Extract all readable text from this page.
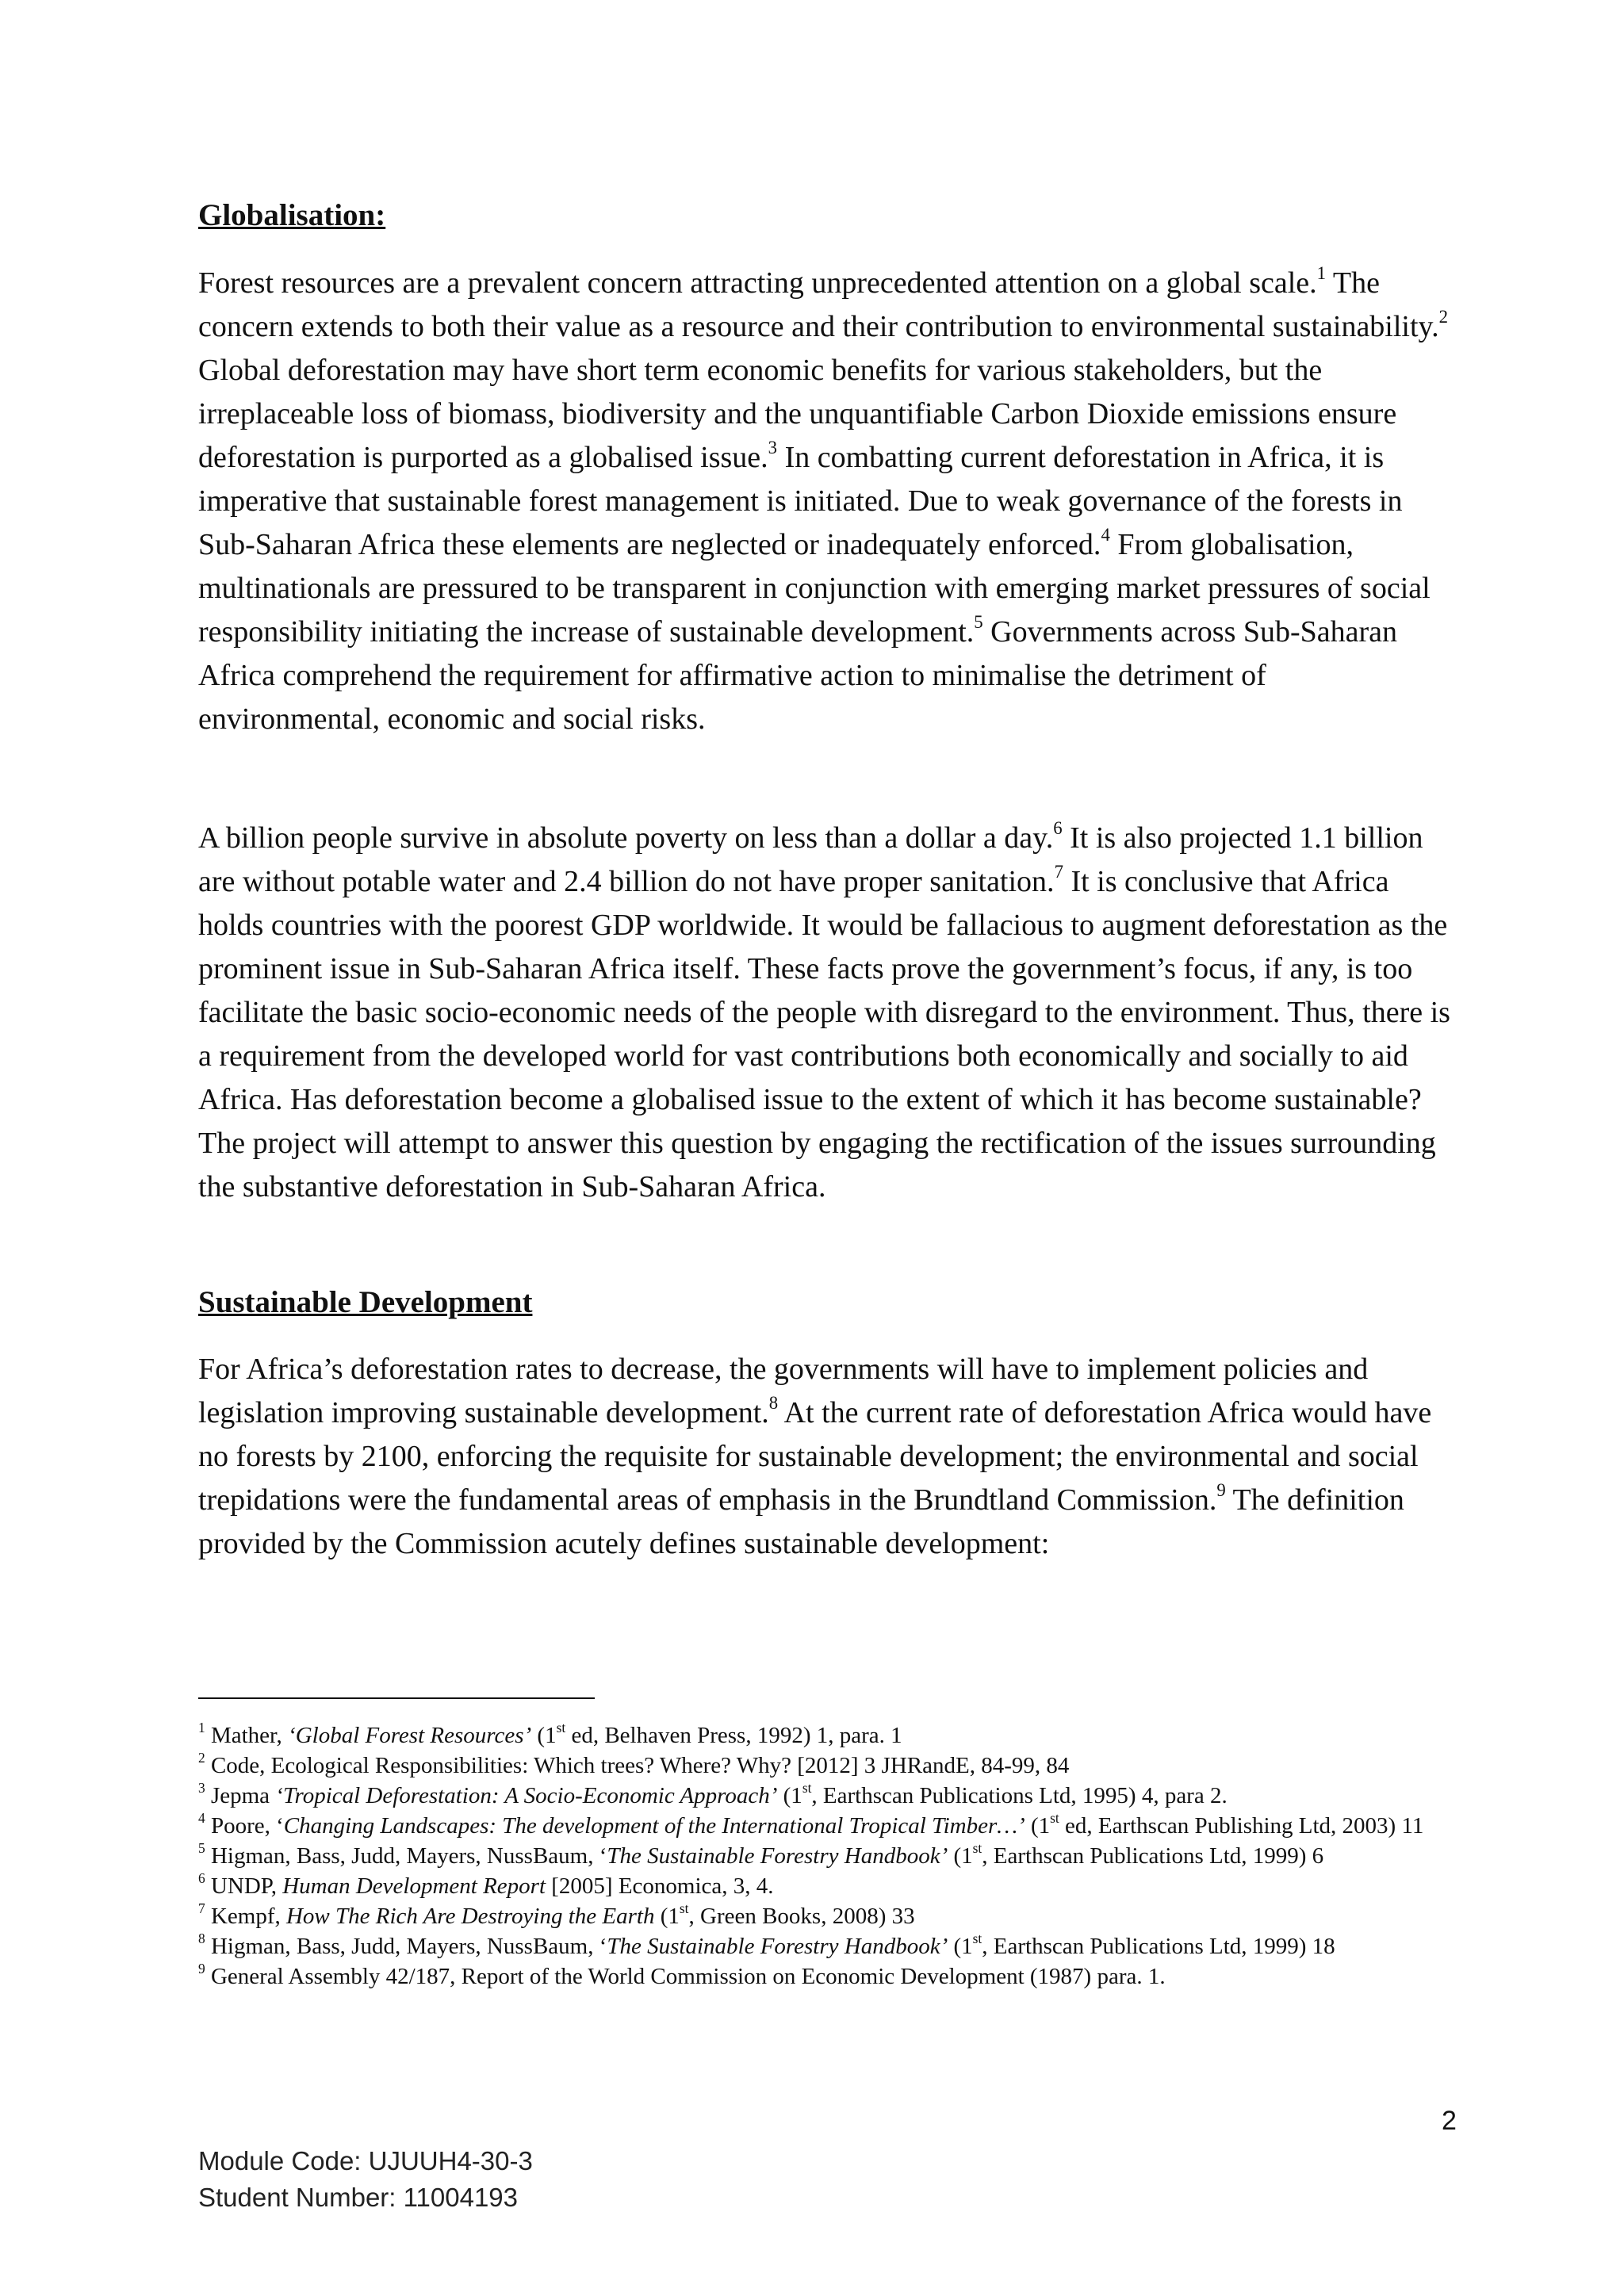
Globalisation:

Forest resources are a prevalent concern attracting unprecedented attention on a global scale.$^1$ The concern extends to both their value as a resource and their contribution to environmental sustainability.$^2$ Global deforestation may have short term economic benefits for various stakeholders, but the irreplaceable loss of biomass, biodiversity and the unquantifiable Carbon Dioxide emissions ensure deforestation is purported as a globalised issue.$^3$ In combatting current deforestation in Africa, it is imperative that sustainable forest management is initiated. Due to weak governance of the forests in Sub-Saharan Africa these elements are neglected or inadequately enforced.$^4$ From globalisation, multinationals are pressured to be transparent in conjunction with emerging market pressures of social responsibility initiating the increase of sustainable development.$^5$ Governments across Sub-Saharan Africa comprehend the requirement for affirmative action to minimalise the detriment of environmental, economic and social risks.

A billion people survive in absolute poverty on less than a dollar a day.$^6$ It is also projected 1.1 billion are without potable water and 2.4 billion do not have proper sanitation.$^7$ It is conclusive that Africa holds countries with the poorest GDP worldwide. It would be fallacious to augment deforestation as the prominent issue in Sub-Saharan Africa itself. These facts prove the government’s focus, if any, is too facilitate the basic socio-economic needs of the people with disregard to the environment. Thus, there is a requirement from the developed world for vast contributions both economically and socially to aid Africa. Has deforestation become a globalised issue to the extent of which it has become sustainable? The project will attempt to answer this question by engaging the rectification of the issues surrounding the substantive deforestation in Sub-Saharan Africa.

Sustainable Development

For Africa’s deforestation rates to decrease, the governments will have to implement policies and legislation improving sustainable development.$^8$ At the current rate of deforestation Africa would have no forests by 2100, enforcing the requisite for sustainable development; the environmental and social trepidations were the fundamental areas of emphasis in the Brundtland Commission.$^9$ The definition provided by the Commission acutely defines sustainable development:

$^1$ Mather, ‘Global Forest Resources’ (1st ed, Belhaven Press, 1992) 1, para. 1

$^2$ Code, Ecological Responsibilities: Which trees? Where? Why? [2012] 3 JHRandE, 84-99, 84

$^3$ Jepma ‘Tropical Deforestation: A Socio-Economic Approach’ (1st, Earthscan Publications Ltd, 1995) 4, para 2.

$^4$ Poore, ‘Changing Landscapes: The development of the International Tropical Timber…’ (1st ed, Earthscan Publishing Ltd, 2003) 11

$^5$ Higman, Bass, Judd, Mayers, NussBaum, ‘The Sustainable Forestry Handbook’ (1st, Earthscan Publications Ltd, 1999) 6

$^6$ UNDP, Human Development Report [2005] Economica, 3, 4.

$^7$ Kempf, How The Rich Are Destroying the Earth (1st, Green Books, 2008) 33

$^8$ Higman, Bass, Judd, Mayers, NussBaum, ‘The Sustainable Forestry Handbook’ (1st, Earthscan Publications Ltd, 1999) 18

$^9$ General Assembly 42/187, Report of the World Commission on Economic Development (1987) para. 1.

2
Module Code: UJUUH4-30-3
Student Number: 11004193
